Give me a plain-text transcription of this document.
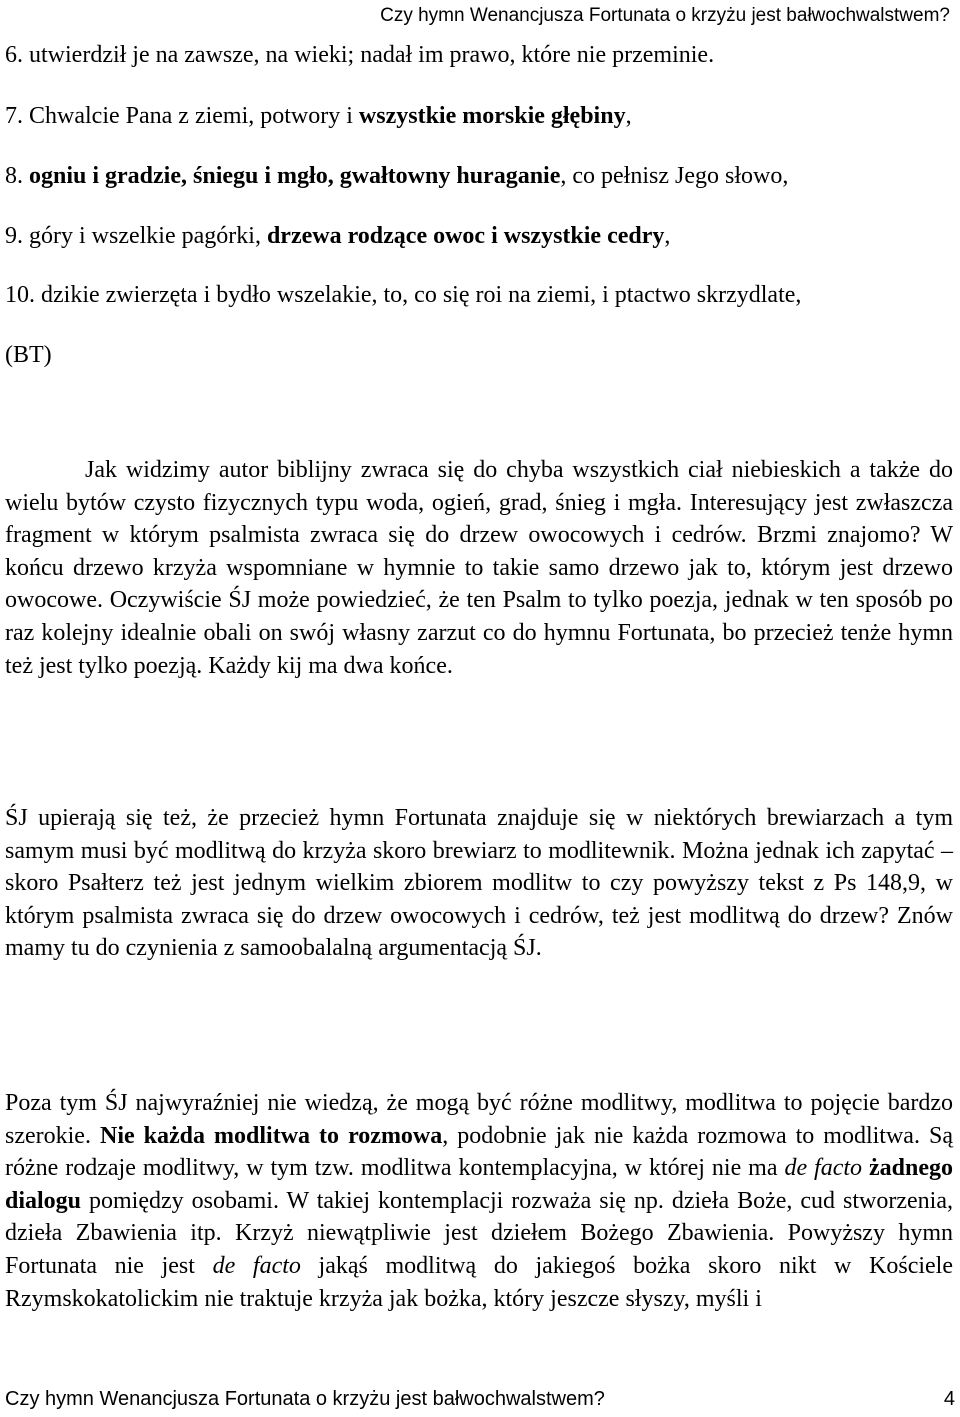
Czy hymn Wenancjusza Fortunata o krzyżu jest bałwochwalstwem?
6. utwierdził je na zawsze, na wieki; nadał im prawo, które nie przeminie.
7. Chwalcie Pana z ziemi, potwory i wszystkie morskie głębiny,
8. ogniu i gradzie, śniegu i mgło, gwałtowny huraganie, co pełnisz Jego słowo,
9. góry i wszelkie pagórki, drzewa rodzące owoc i wszystkie cedry,
10. dzikie zwierzęta i bydło wszelakie, to, co się roi na ziemi, i ptactwo skrzydlate,
(BT)
Jak widzimy autor biblijny zwraca się do chyba wszystkich ciał niebieskich a także do wielu bytów czysto fizycznych typu woda, ogień, grad, śnieg i mgła. Interesujący jest zwłaszcza fragment w którym psalmista zwraca się do drzew owocowych i cedrów. Brzmi znajomo? W końcu drzewo krzyża wspomniane w hymnie to takie samo drzewo jak to, którym jest drzewo owocowe. Oczywiście ŚJ może powiedzieć, że ten Psalm to tylko poezja, jednak w ten sposób po raz kolejny idealnie obali on swój własny zarzut co do hymnu Fortunata, bo przecież tenże hymn też jest tylko poezją. Każdy kij ma dwa końce.
ŚJ upierają się też, że przecież hymn Fortunata znajduje się w niektórych brewiarzach a tym samym musi być modlitwą do krzyża skoro brewiarz to modlitewnik. Można jednak ich zapytać – skoro Psałterz też jest jednym wielkim zbiorem modlitw to czy powyższy tekst z Ps 148,9, w którym psalmista zwraca się do drzew owocowych i cedrów, też jest modlitwą do drzew? Znów mamy tu do czynienia z samoobalalną argumentacją ŚJ.
Poza tym ŚJ najwyraźniej nie wiedzą, że mogą być różne modlitwy, modlitwa to pojęcie bardzo szerokie. Nie każda modlitwa to rozmowa, podobnie jak nie każda rozmowa to modlitwa. Są różne rodzaje modlitwy, w tym tzw. modlitwa kontemplacyjna, w której nie ma de facto żadnego dialogu pomiędzy osobami. W takiej kontemplacji rozważa się np. dzieła Boże, cud stworzenia, dzieła Zbawienia itp. Krzyż niewątpliwie jest dziełem Bożego Zbawienia. Powyższy hymn Fortunata nie jest de facto jakąś modlitwą do jakiegoś bożka skoro nikt w Kościele Rzymskokatolickim nie traktuje krzyża jak bożka, który jeszcze słyszy, myśli i
Czy hymn Wenancjusza Fortunata o krzyżu jest bałwochwalstwem?	4
